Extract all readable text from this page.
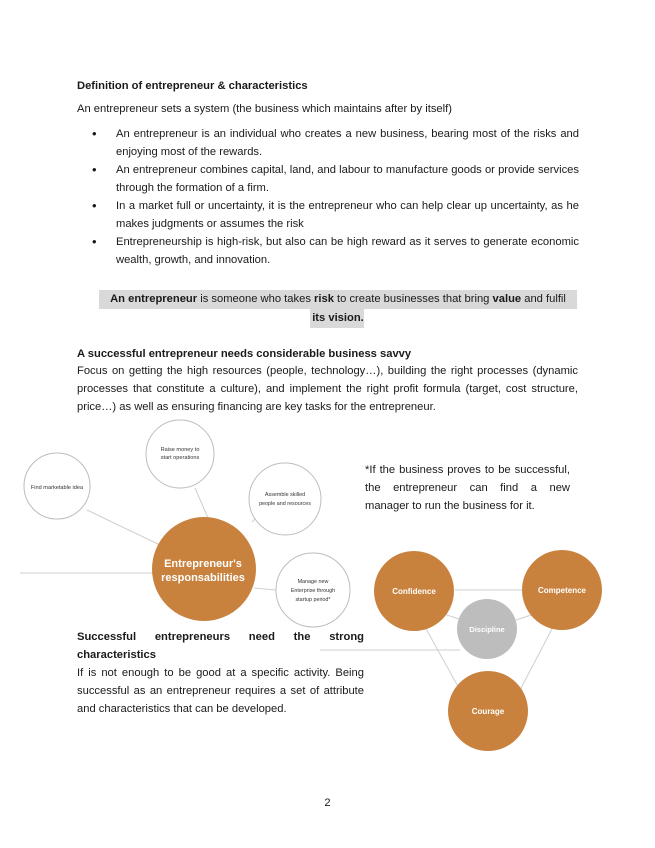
Definition of entrepreneur & characteristics
An entrepreneur sets a system (the business which maintains after by itself)
• An entrepreneur is an individual who creates a new business, bearing most of the risks and enjoying most of the rewards.
• An entrepreneur combines capital, land, and labour to manufacture goods or provide services through the formation of a firm.
• In a market full or uncertainty, it is the entrepreneur who can help clear up uncertainty, as he makes judgments or assumes the risk
• Entrepreneurship is high-risk, but also can be high reward as it serves to generate economic wealth, growth, and innovation.
An entrepreneur is someone who takes risk to create businesses that bring value and fulfil
its vision.
A successful entrepreneur needs considerable business savvy
Focus on getting the high resources (people, technology…), building the right processes (dynamic processes that constitute a culture), and implement the right profit formula (target, cost structure, price…) as well as ensuring financing are key tasks for the entrepreneur.
Find marketable idea
Raise money to
start operations
Assemble skilled
people and resources
Manage new
Enterprise through
startup period*
Entrepreneur's
responsabilities
Confidence	Competence
Discipline
Courage
*If the business proves to be successful, the entrepreneur can find a new manager to run the business for it.
Successful entrepreneurs need the strong characteristics
If is not enough to be good at a specific activity. Being successful as an entrepreneur requires a set of attribute and characteristics that can be developed.
2
